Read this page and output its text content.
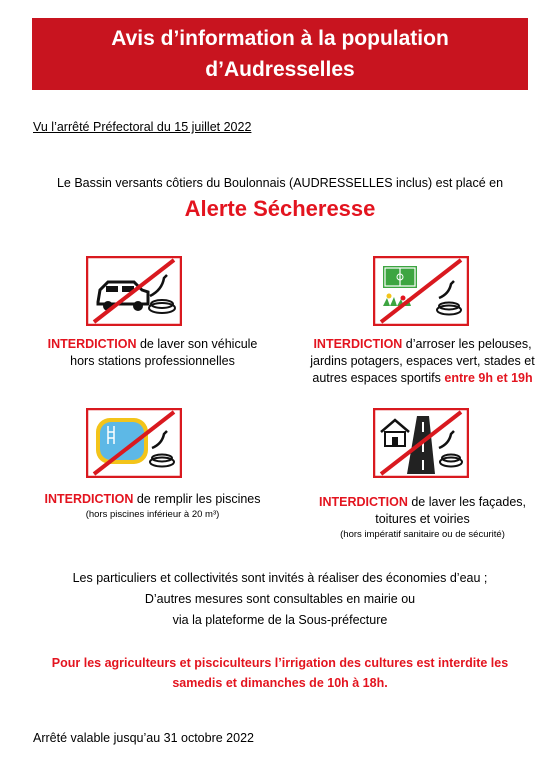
Avis d’information à la population
d’Audresselles
Vu l’arrêté Préfectoral du 15 juillet 2022
Le Bassin versants côtiers du Boulonnais (AUDRESSELLES inclus) est placé en
Alerte Sécheresse
INTERDICTION de laver son véhicule
hors stations professionnelles
INTERDICTION d’arroser les pelouses,
jardins potagers, espaces vert, stades et
autres espaces sportifs entre 9h et 19h
INTERDICTION de remplir les piscines
(hors piscines inférieur à 20 m³)
INTERDICTION de laver les façades,
toitures et voiries
(hors impératif sanitaire ou de sécurité)
Les particuliers et collectivités sont invités à réaliser des économies d’eau ;
D’autres mesures sont consultables en mairie ou
via la plateforme de la Sous-préfecture
Pour les agriculteurs et pisciculteurs l’irrigation des cultures est interdite les
samedis et dimanches de 10h à 18h.
Arrêté valable jusqu’au 31 octobre 2022
